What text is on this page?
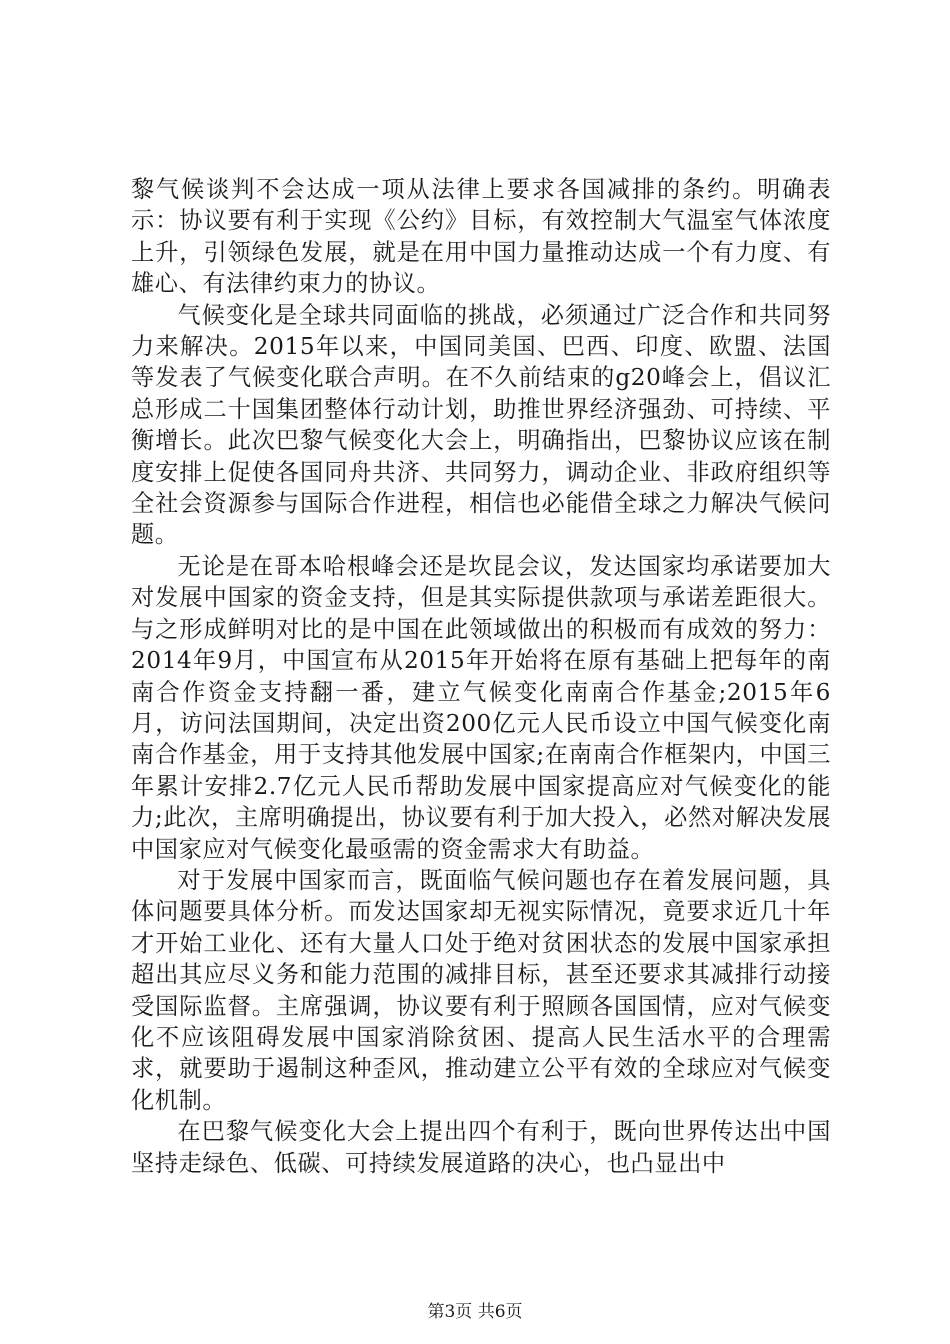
黎气候谈判不会达成一项从法律上要求各国减排的条约。明确表示：协议要有利于实现《公约》目标，有效控制大气温室气体浓度上升，引领绿色发展，就是在用中国力量推动达成一个有力度、有雄心、有法律约束力的协议。

气候变化是全球共同面临的挑战，必须通过广泛合作和共同努力来解决。2015年以来，中国同美国、巴西、印度、欧盟、法国等发表了气候变化联合声明。在不久前结束的g20峰会上，倡议汇总形成二十国集团整体行动计划，助推世界经济强劲、可持续、平衡增长。此次巴黎气候变化大会上，明确指出，巴黎协议应该在制度安排上促使各国同舟共济、共同努力，调动企业、非政府组织等全社会资源参与国际合作进程，相信也必能借全球之力解决气候问题。

无论是在哥本哈根峰会还是坎昆会议，发达国家均承诺要加大对发展中国家的资金支持，但是其实际提供款项与承诺差距很大。与之形成鲜明对比的是中国在此领域做出的积极而有成效的努力：2014年9月，中国宣布从2015年开始将在原有基础上把每年的南南合作资金支持翻一番，建立气候变化南南合作基金;2015年6月，访问法国期间，决定出资200亿元人民币设立中国气候变化南南合作基金，用于支持其他发展中国家;在南南合作框架内，中国三年累计安排2.7亿元人民币帮助发展中国家提高应对气候变化的能力;此次，主席明确提出，协议要有利于加大投入，必然对解决发展中国家应对气候变化最亟需的资金需求大有助益。

对于发展中国家而言，既面临气候问题也存在着发展问题，具体问题要具体分析。而发达国家却无视实际情况，竟要求近几十年才开始工业化、还有大量人口处于绝对贫困状态的发展中国家承担超出其应尽义务和能力范围的减排目标，甚至还要求其减排行动接受国际监督。主席强调，协议要有利于照顾各国国情，应对气候变化不应该阻碍发展中国家消除贫困、提高人民生活水平的合理需求，就要助于遏制这种歪风，推动建立公平有效的全球应对气候变化机制。

在巴黎气候变化大会上提出四个有利于，既向世界传达出中国坚持走绿色、低碳、可持续发展道路的决心，也凸显出中

第3页 共6页
